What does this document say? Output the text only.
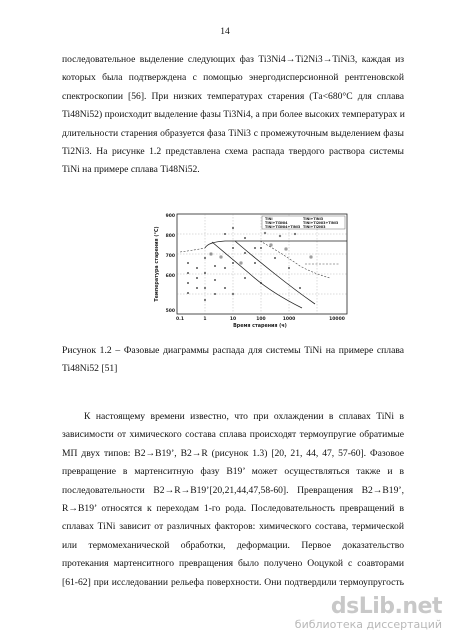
14
последовательное выделение следующих фаз Ti3Ni4→Ti2Ni3→TiNi3, каждая из
которых была подтверждена с помощью энергодисперсионной рентгеновской
спектроскопии [56]. При низких температурах старения (Tа<680°C для сплава
Ti48Ni52) происходит выделение фазы Ti3Ni4, а при более высоких температурах и
длительности старения образуется фаза TiNi3 с промежуточным выделением фазы
Ti2Ni3. На рисунке 1.2 представлена схема распада твердого раствора системы
TiNi на примере сплава Ti48Ni52.
900
800
700
600
500
0.1	1	10	100	1000	10000
Время старения (ч)
Температура старения (°C)
TiNi	TiNi+TiNi3
TiNi+Ti3Ni4	TiNi+Ti2Ni3+TiNi3
TiNi+Ti3Ni4+TiNi3 TiNi+Ti2Ni3
Рисунок 1.2 – Фазовые диаграммы распада для системы TiNi на примере сплава
Ti48Ni52 [51]
К настоящему времени известно, что при охлаждении в сплавах TiNi в
зависимости от химического состава сплава происходят термоупругие обратимые
МП двух типов: B2→B19’, B2→R (рисунок 1.3) [20, 21, 44, 47, 57-60]. Фазовое
превращение в мартенситную фазу B19’ может осуществляться также и в
последовательности B2→R→B19’[20,21,44,47,58-60]. Превращения B2→B19’,
R→B19’ относятся к переходам 1-го рода. Последовательность превращений в
сплавах TiNi зависит от различных факторов: химического состава, термической
или термомеханической обработки, деформации. Первое доказательство
протекания мартенситного превращения было получено Ооцукой с соавторами
[61-62] при исследовании рельефа поверхности. Они подтвердили термоупругость
dsLib.net
библиотека диссертаций
